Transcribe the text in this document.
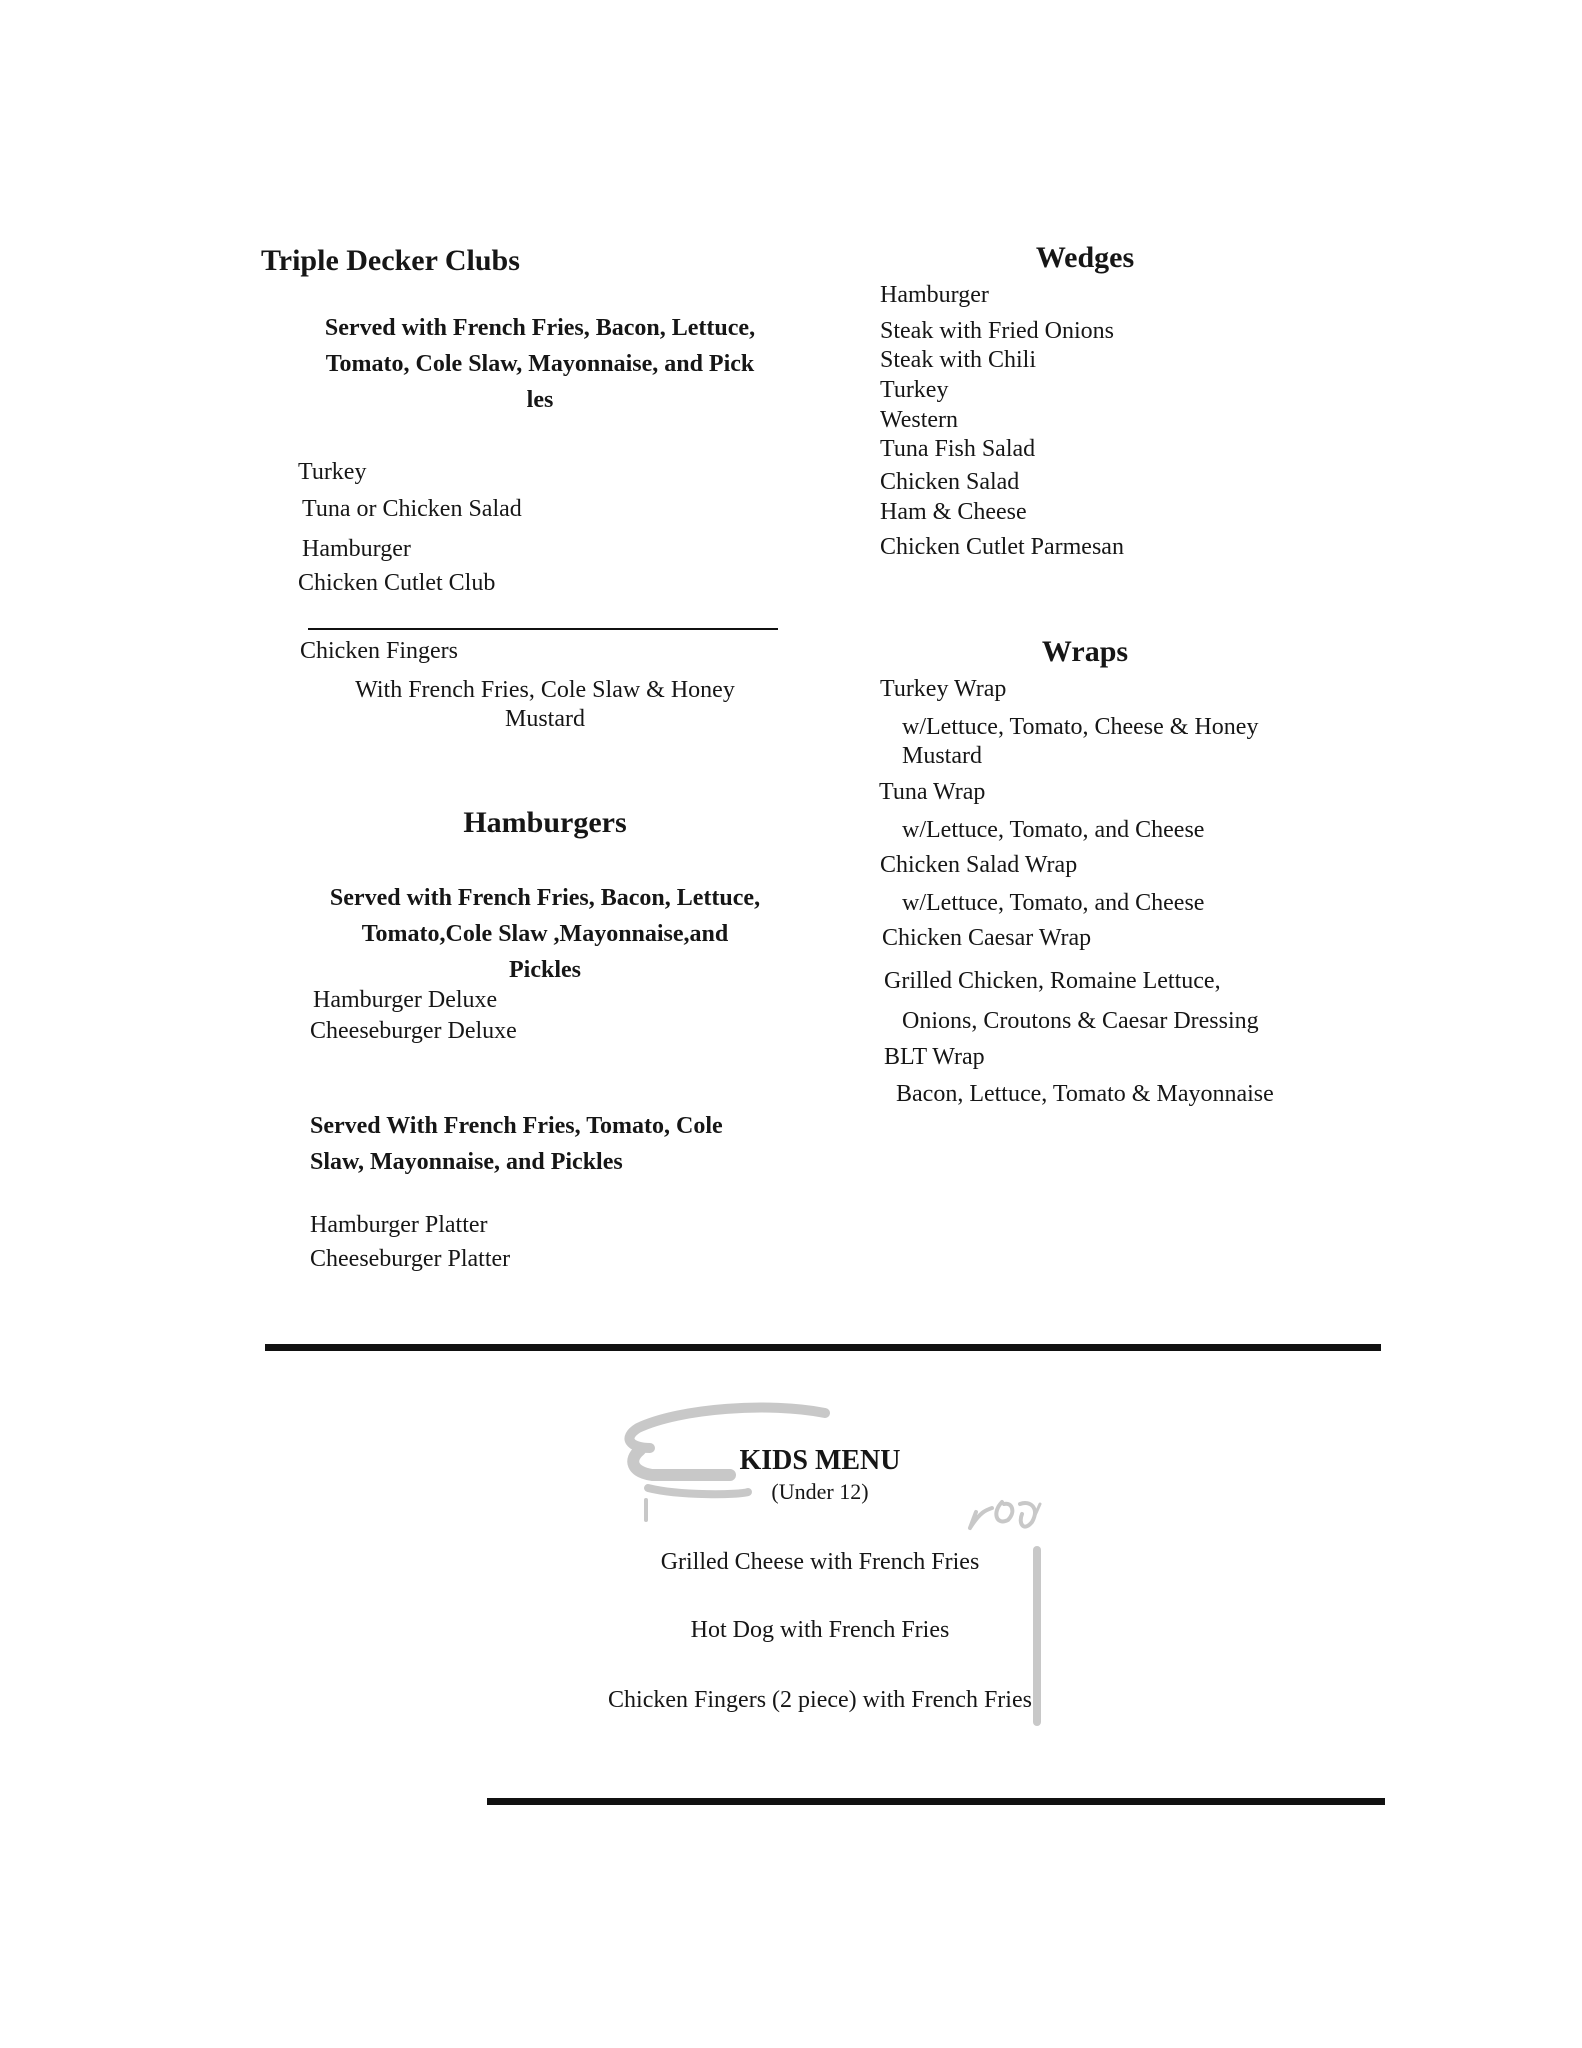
Triple Decker Clubs
Served with French Fries, Bacon, Lettuce,
Tomato, Cole Slaw, Mayonnaise, and Pick
les
Turkey
Tuna or Chicken Salad
Hamburger
Chicken Cutlet Club
Chicken Fingers
With French Fries, Cole Slaw & Honey
Mustard
Hamburgers
Served with French Fries, Bacon, Lettuce,
Tomato,Cole Slaw ,Mayonnaise,and
Pickles
Hamburger Deluxe
Cheeseburger Deluxe
Served With French Fries, Tomato, Cole
Slaw, Mayonnaise, and Pickles
Hamburger Platter
Cheeseburger Platter
Wedges
Hamburger
Steak with Fried Onions
Steak with Chili
Turkey
Western
Tuna Fish Salad
Chicken Salad
Ham & Cheese
Chicken Cutlet Parmesan
Wraps
Turkey Wrap
w/Lettuce, Tomato, Cheese & Honey
Mustard
Tuna Wrap
w/Lettuce, Tomato, and Cheese
Chicken Salad Wrap
w/Lettuce, Tomato, and Cheese
Chicken Caesar Wrap
Grilled Chicken, Romaine Lettuce,
Onions, Croutons & Caesar Dressing
BLT Wrap
Bacon, Lettuce, Tomato & Mayonnaise
KIDS MENU
(Under 12)
Grilled Cheese with French Fries
Hot Dog with French Fries
Chicken Fingers (2 piece) with French Fries
